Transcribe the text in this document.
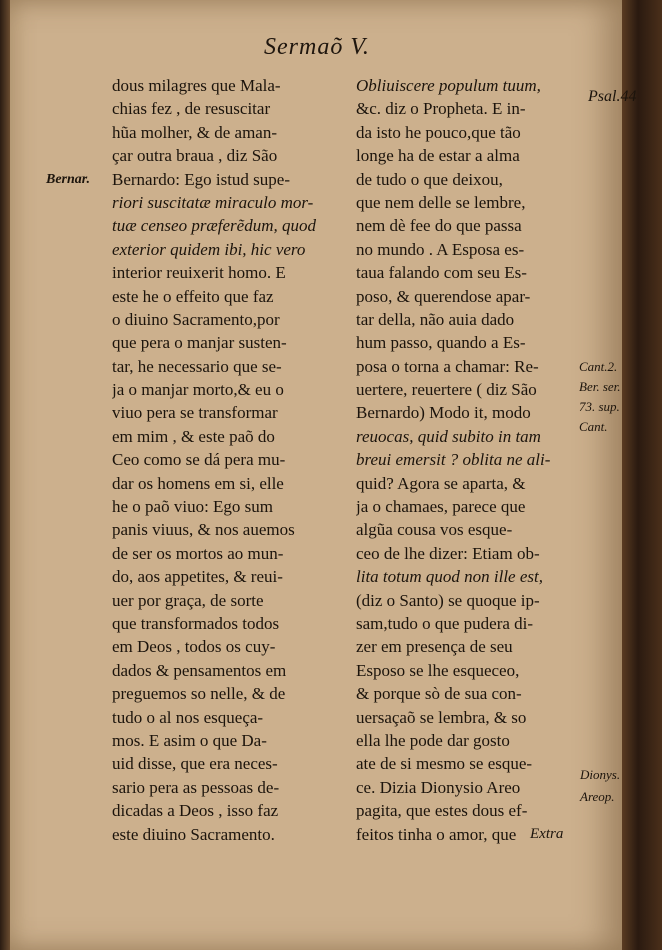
Sermaõ V.
dous milagres que Mala-
chias fez , de resuscitar
hũa molher, & de aman-
çar outra braua , diz São
Bernardo: Ego istud supe-
riori suscitatæ miraculo mor-
tuæ censeo præferẽdum, quod
exterior quidem ibi, hic vero
interior reuixerit homo. E
este he o effeito que faz
o diuino Sacramento,por
que pera o manjar susten-
tar, he necessario que se-
ja o manjar morto,& eu o
viuo pera se transformar
em mim , & este paõ do
Ceo como se dá pera mu-
dar os homens em si, elle
he o paõ viuo: Ego sum
panis viuus, & nos auemos
de ser os mortos ao mun-
do, aos appetites, & reui-
uer por graça, de sorte
que transformados todos
em Deos , todos os cuy-
dados & pensamentos em
preguemos so nelle, & de
tudo o al nos esqueça-
mos. E asim o que Da-
uid disse, que era neces-
sario pera as pessoas de-
dicadas a Deos , isso faz
este diuino Sacramento.
Obliuiscere populum tuum,
&c. diz o Propheta. E in-
da isto he pouco,que tão
longe ha de estar a alma
de tudo o que deixou,
que nem delle se lembre,
nem dè fee do que passa
no mundo . A Esposa es-
taua falando com seu Es-
poso, & querendose apar-
tar della, não auia dado
hum passo, quando a Es-
posa o torna a chamar: Re-
uertere, reuertere ( diz São
Bernardo) Modo it, modo
reuocas, quid subito in tam
breui emersit ? oblita ne ali-
quid? Agora se aparta, &
ja o chamaes, parece que
algũa cousa vos esque-
ceo de lhe dizer: Etiam ob-
lita totum quod non ille est,
(diz o Santo) se quoque ip-
sam,tudo o que pudera di-
zer em presença de seu
Esposo se lhe esqueceo,
& porque sò de sua con-
uersaçaõ se lembra, & so
ella lhe pode dar gosto
ate de si mesmo se esque-
ce. Dizia Dionysio Areo
pagita, que estes dous ef-
feitos tinha o amor, que
Bernar.
Psal.44
Cant.2.
Ber. ser.
73. sup.
Cant.
Dionys.
Areop.
Extra
